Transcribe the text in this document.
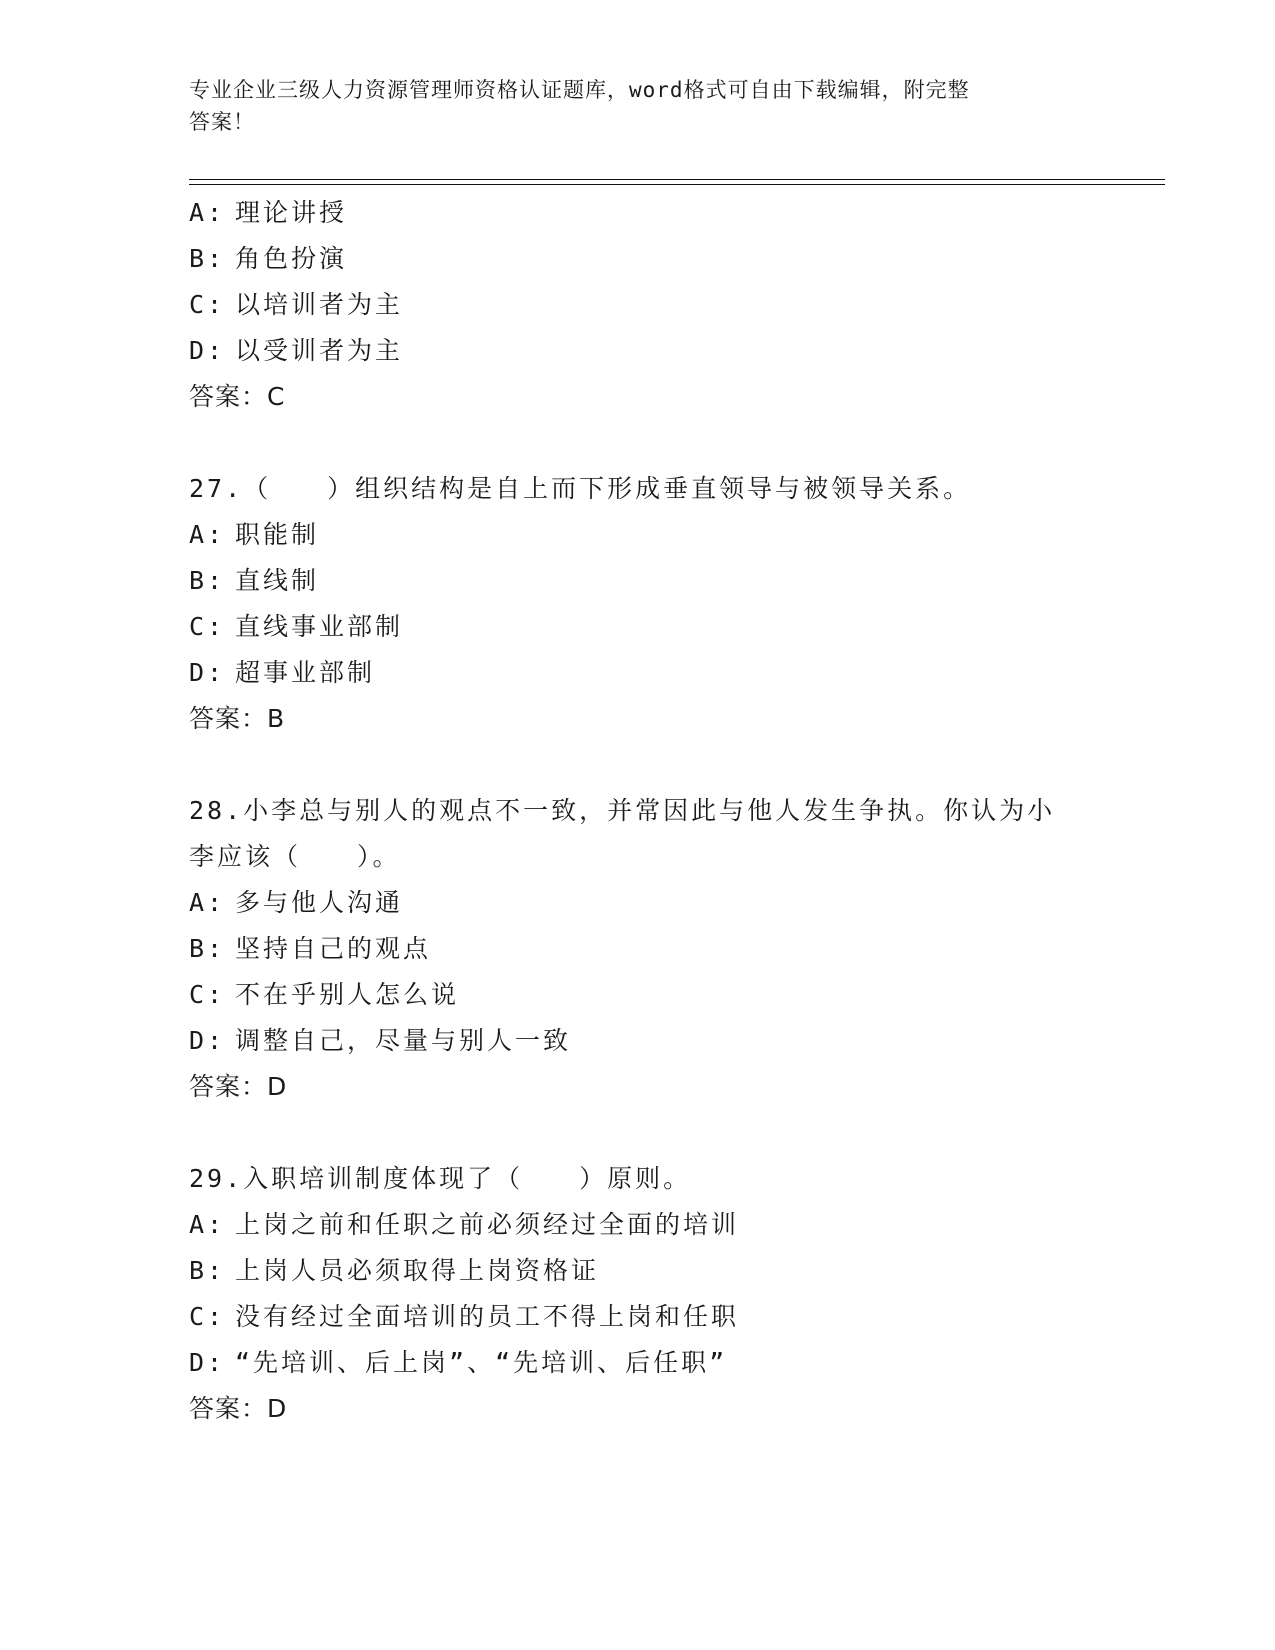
专业企业三级人力资源管理师资格认证题库，word格式可自由下载编辑，附完整
答案！
A: 理论讲授
B: 角色扮演
C: 以培训者为主
D: 以受训者为主
答案：C
27.（　　）组织结构是自上而下形成垂直领导与被领导关系。
A: 职能制
B: 直线制
C: 直线事业部制
D: 超事业部制
答案：B
28.小李总与别人的观点不一致，并常因此与他人发生争执。你认为小
李应该（　　）。
A: 多与他人沟通
B: 坚持自己的观点
C: 不在乎别人怎么说
D: 调整自己，尽量与别人一致
答案：D
29.入职培训制度体现了（　　）原则。
A: 上岗之前和任职之前必须经过全面的培训
B: 上岗人员必须取得上岗资格证
C: 没有经过全面培训的员工不得上岗和任职
D: “先培训、后上岗”、“先培训、后任职”
答案：D
